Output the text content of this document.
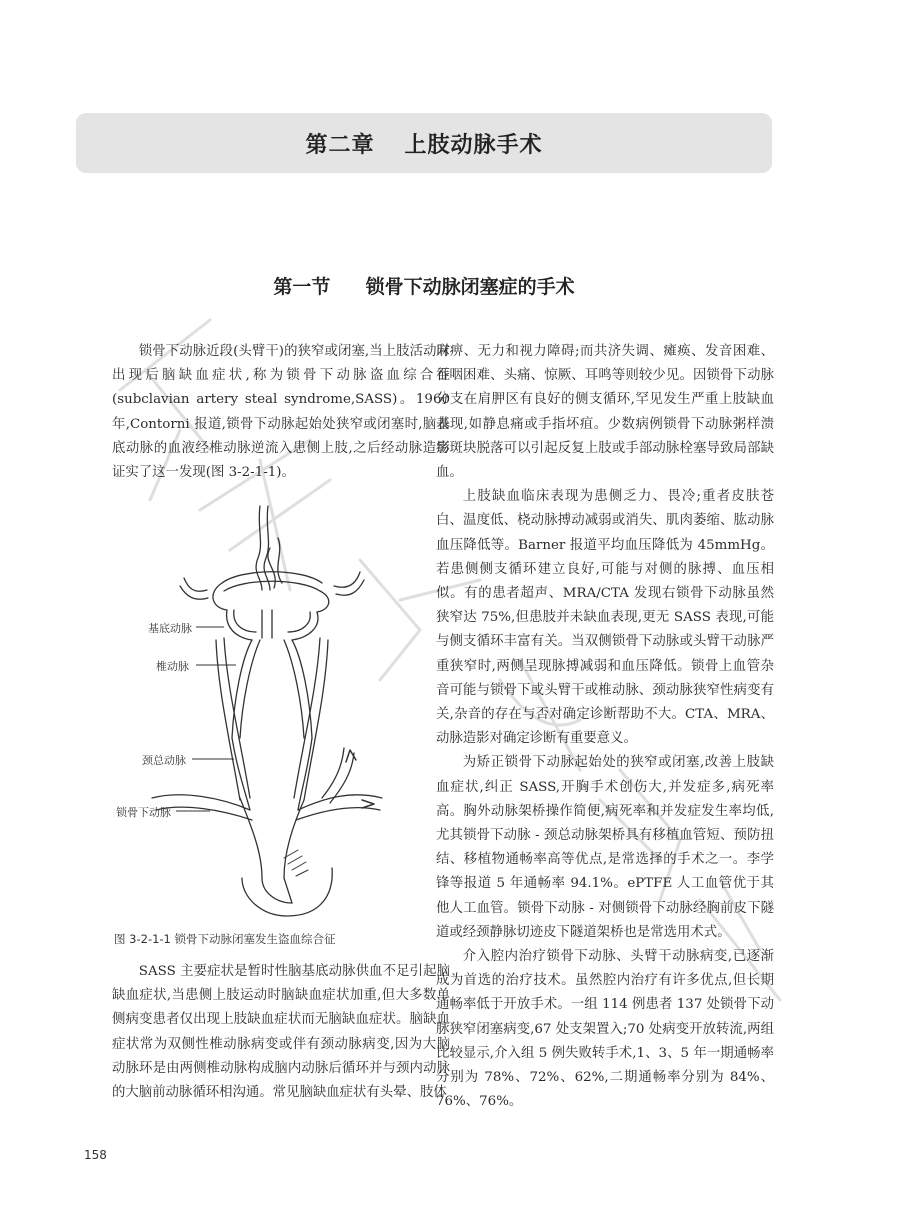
第二章 上肢动脉手术
第一节 锁骨下动脉闭塞症的手术

锁骨下动脉近段(头臂干)的狭窄或闭塞,当上肢活动时出现后脑缺血症状,称为锁骨下动脉盗血综合征(subclavian artery steal syndrome,SASS)。1960年,Contorni 报道,锁骨下动脉起始处狭窄或闭塞时,脑基底动脉的血液经椎动脉逆流入患侧上肢,之后经动脉造影证实了这一发现(图 3-2-1-1)。

基底动脉
椎动脉
颈总动脉
锁骨下动脉
图 3-2-1-1 锁骨下动脉闭塞发生盗血综合征

SASS 主要症状是暂时性脑基底动脉供血不足引起脑缺血症状,当患侧上肢运动时脑缺血症状加重,但大多数单侧病变患者仅出现上肢缺血症状而无脑缺血症状。脑缺血症状常为双侧性椎动脉病变或伴有颈动脉病变,因为大脑动脉环是由两侧椎动脉构成脑内动脉后循环并与颈内动脉的大脑前动脉循环相沟通。常见脑缺血症状有头晕、肢体

麻痹、无力和视力障碍;而共济失调、瘫痪、发音困难、吞咽困难、头痛、惊厥、耳鸣等则较少见。因锁骨下动脉分支在肩胛区有良好的侧支循环,罕见发生严重上肢缺血表现,如静息痛或手指坏疽。少数病例锁骨下动脉粥样溃疡斑块脱落可以引起反复上肢或手部动脉栓塞导致局部缺血。

上肢缺血临床表现为患侧乏力、畏冷;重者皮肤苍白、温度低、桡动脉搏动减弱或消失、肌肉萎缩、肱动脉血压降低等。Barner 报道平均血压降低为 45mmHg。若患侧侧支循环建立良好,可能与对侧的脉搏、血压相似。有的患者超声、MRA/CTA 发现右锁骨下动脉虽然狭窄达 75%,但患肢并未缺血表现,更无 SASS 表现,可能与侧支循环丰富有关。当双侧锁骨下动脉或头臂干动脉严重狭窄时,两侧呈现脉搏减弱和血压降低。锁骨上血管杂音可能与锁骨下或头臂干或椎动脉、颈动脉狭窄性病变有关,杂音的存在与否对确定诊断帮助不大。CTA、MRA、动脉造影对确定诊断有重要意义。

为矫正锁骨下动脉起始处的狭窄或闭塞,改善上肢缺血症状,纠正 SASS,开胸手术创伤大,并发症多,病死率高。胸外动脉架桥操作简便,病死率和并发症发生率均低,尤其锁骨下动脉 - 颈总动脉架桥具有移植血管短、预防扭结、移植物通畅率高等优点,是常选择的手术之一。李学锋等报道 5 年通畅率 94.1%。ePTFE 人工血管优于其他人工血管。锁骨下动脉 - 对侧锁骨下动脉经胸前皮下隧道或经颈静脉切迹皮下隧道架桥也是常选用术式。

介入腔内治疗锁骨下动脉、头臂干动脉病变,已逐渐成为首选的治疗技术。虽然腔内治疗有许多优点,但长期通畅率低于开放手术。一组 114 例患者 137 处锁骨下动脉狭窄闭塞病变,67 处支架置入;70 处病变开放转流,两组比较显示,介入组 5 例失败转手术,1、3、5 年一期通畅率分别为 78%、72%、62%,二期通畅率分别为 84%、76%、76%。

158
